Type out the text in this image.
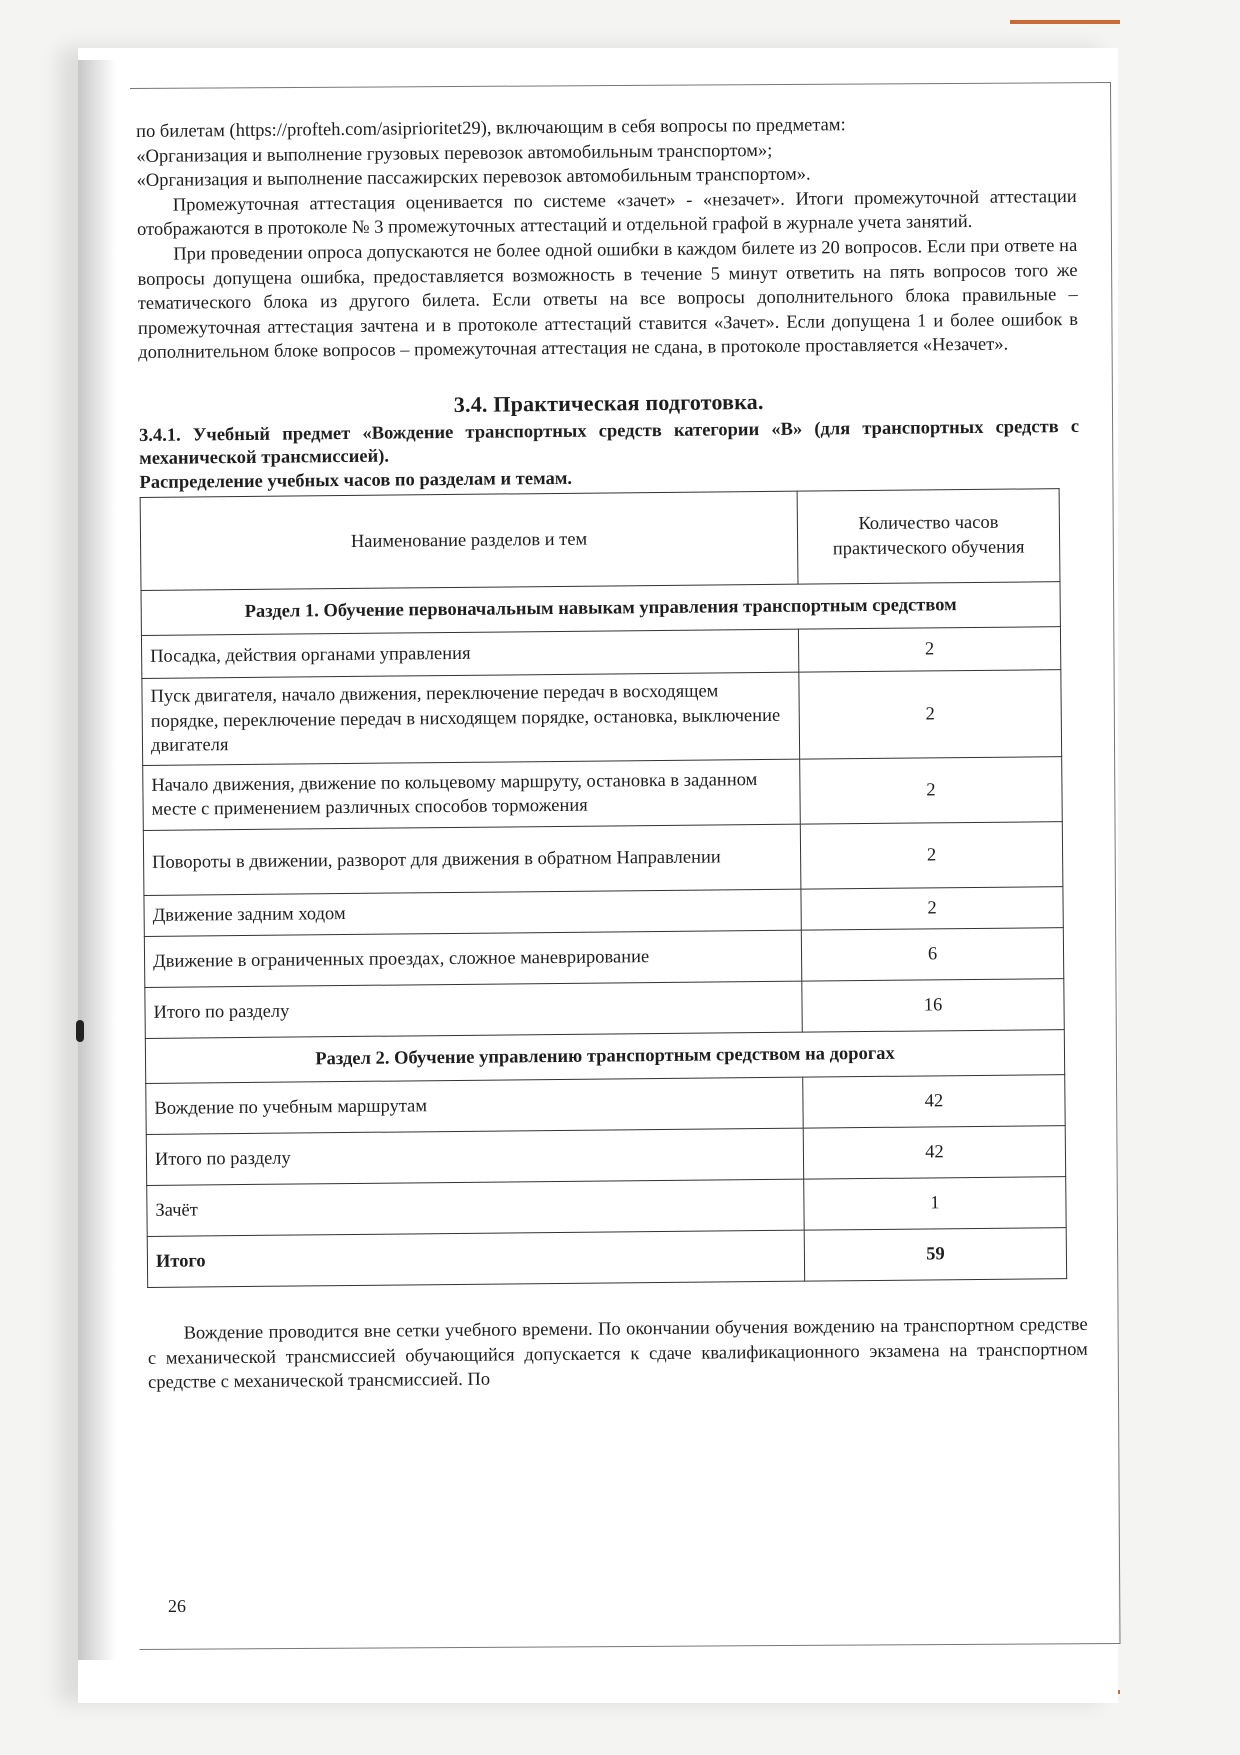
по билетам (https://profteh.com/asiprioritet29), включающим в себя вопросы по предметам:
«Организация и выполнение грузовых перевозок автомобильным транспортом»;
«Организация и выполнение пассажирских перевозок автомобильным транспортом».

Промежуточная аттестация оценивается по системе «зачет» - «незачет». Итоги промежуточной аттестации отображаются в протоколе № 3 промежуточных аттестаций и отдельной графой в журнале учета занятий.

При проведении опроса допускаются не более одной ошибки в каждом билете из 20 вопросов. Если при ответе на вопросы допущена ошибка, предоставляется возможность в течение 5 минут ответить на пять вопросов того же тематического блока из другого билета. Если ответы на все вопросы дополнительного блока правильные – промежуточная аттестация зачтена и в протоколе аттестаций ставится «Зачет». Если допущена 1 и более ошибок в дополнительном блоке вопросов – промежуточная аттестация не сдана, в протоколе проставляется «Незачет».

3.4. Практическая подготовка.

3.4.1. Учебный предмет «Вождение транспортных средств категории «В» (для транспортных средств с механической трансмиссией).

Распределение учебных часов по разделам и темам.

Наименование разделов и тем	Количество часов практического обучения
Раздел 1. Обучение первоначальным навыкам управления транспортным средством	
Посадка, действия органами управления	2
Пуск двигателя, начало движения, переключение передач в восходящем порядке, переключение передач в нисходящем порядке, остановка, выключение двигателя	2
Начало движения, движение по кольцевому маршруту, остановка в заданном месте с применением различных способов торможения	2
Повороты в движении, разворот для движения в обратном Направлении	2
Движение задним ходом	2
Движение в ограниченных проездах, сложное маневрирование	6
Итого по разделу	16
Раздел 2. Обучение управлению транспортным средством на дорогах	
Вождение по учебным маршрутам	42
Итого по разделу	42
Зачёт	1
Итого	59

Вождение проводится вне сетки учебного времени. По окончании обучения вождению на транспортном средстве с механической трансмиссией обучающийся допускается к сдаче квалификационного экзамена на транспортном средстве с механической трансмиссией. По

26
